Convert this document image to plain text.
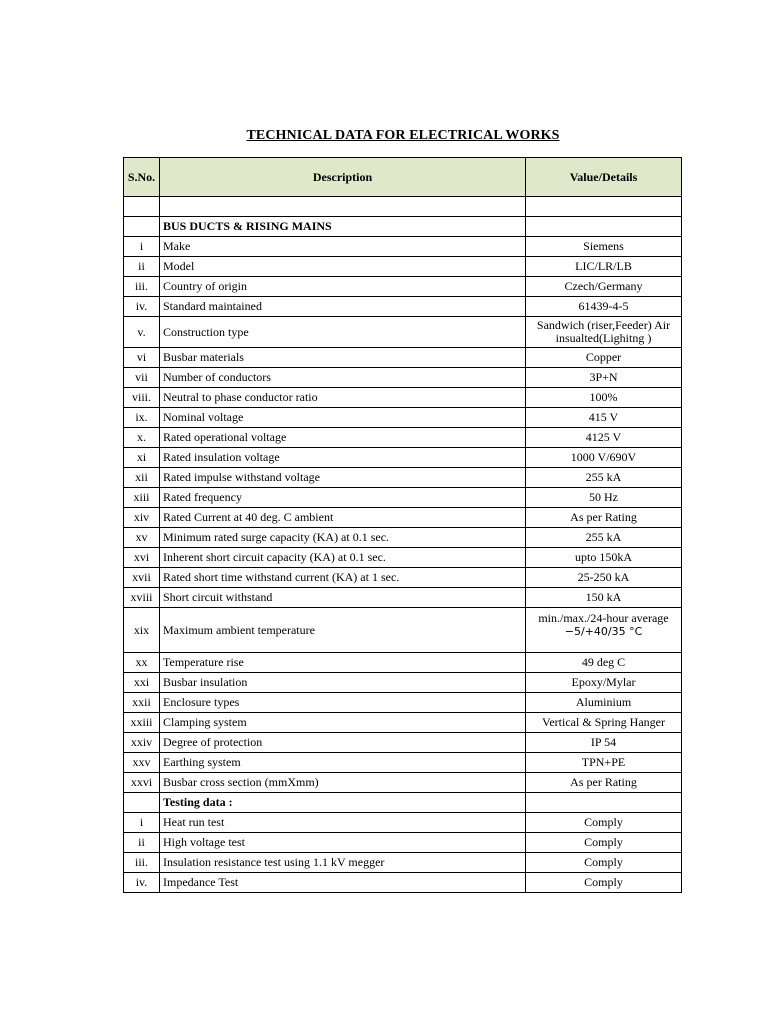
TECHNICAL DATA FOR ELECTRICAL WORKS
S.No.	Description	Value/Details

	BUS DUCTS & RISING MAINS	
i	Make	Siemens
ii	Model	LIC/LR/LB
iii.	Country of origin	Czech/Germany
iv.	Standard maintained	61439-4-5
v.	Construction type	Sandwich (riser,Feeder) Air insualted(Lighitng )
vi	Busbar materials	Copper
vii	Number of conductors	3P+N
viii.	Neutral to phase conductor ratio	100%
ix.	Nominal voltage	415 V
x.	Rated operational voltage	4125 V
xi	Rated insulation voltage	1000 V/690V
xii	Rated impulse withstand voltage	255 kA
xiii	Rated frequency	50 Hz
xiv	Rated Current at 40 deg. C ambient	As per Rating
xv	Minimum rated surge capacity (KA) at 0.1 sec.	255 kA
xvi	Inherent short circuit capacity (KA) at 0.1 sec.	upto 150kA
xvii	Rated short time withstand current (KA) at 1 sec.	25-250 kA
xviii	Short circuit withstand	150 kA
xix	Maximum ambient temperature	min./max./24-hour average
−5/+40/35 °C

xx	Temperature rise	49 deg C
xxi	Busbar insulation	Epoxy/Mylar
xxii	Enclosure types	Aluminium
xxiii	Clamping system	Vertical & Spring Hanger
xxiv	Degree of protection	IP 54
xxv	Earthing system	TPN+PE
xxvi	Busbar cross section (mmXmm)	As per Rating
	Testing data :	
i	Heat run test	Comply
ii	High voltage test	Comply
iii.	Insulation resistance test using 1.1 kV megger	Comply
iv.	Impedance Test	Comply
